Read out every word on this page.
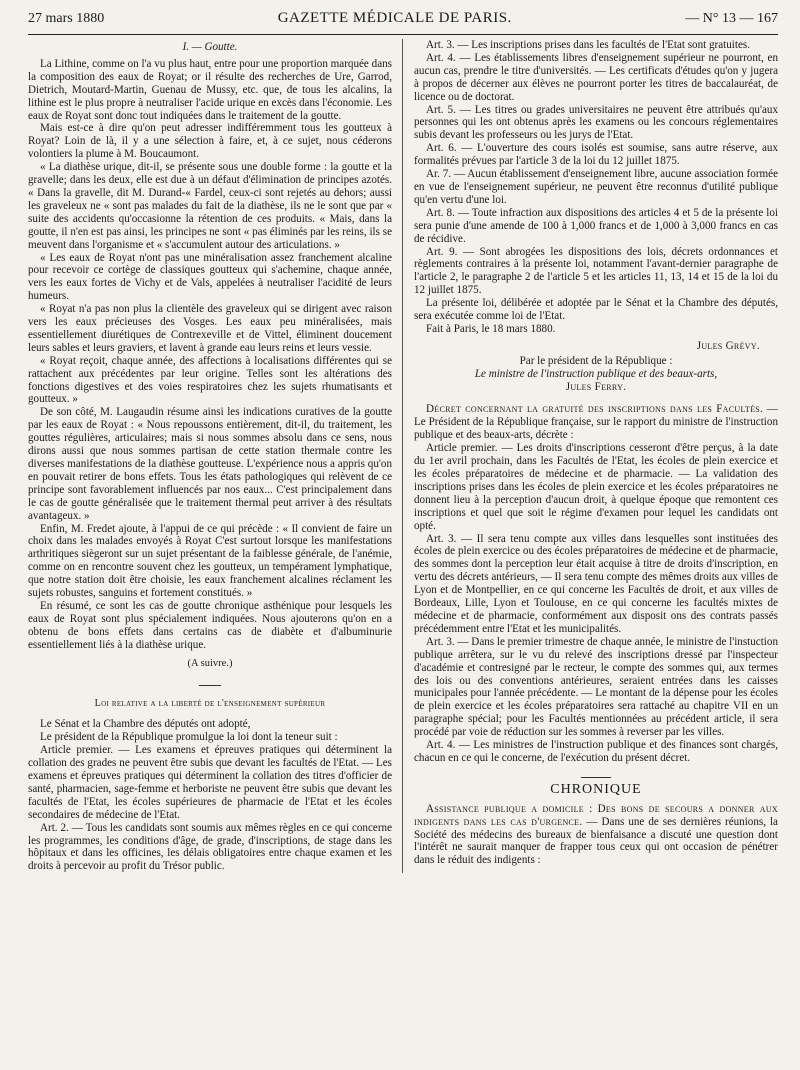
27 mars 1880	GAZETTE MÉDICALE DE PARIS.	— N° 13 — 167

I. — Goutte.

La Lithine, comme on l'a vu plus haut, entre pour une proportion marquée dans la composition des eaux de Royat; or il résulte des recherches de Ure, Garrod, Dietrich, Moutard-Martin, Guenau de Mussy, etc. que, de tous les alcalins, la lithine est le plus propre à neutraliser l'acide urique en excès dans l'économie. Les eaux de Royat sont donc tout indiquées dans le traitement de la goutte.

Mais est-ce à dire qu'on peut adresser indifféremment tous les goutteux à Royat? Loin de là, il y a une sélection à faire, et, à ce sujet, nous céderons volontiers la plume à M. Boucaumont.

« La diathèse urique, dit-il, se présente sous une double forme : la goutte et la gravelle; dans les deux, elle est due à un défaut d'élimination de principes azotés. « Dans la gravelle, dit M. Durand-« Fardel, ceux-ci sont rejetés au dehors; aussi les graveleux ne « sont pas malades du fait de la diathèse, ils ne le sont que par « suite des accidents qu'occasionne la rétention de ces produits. « Mais, dans la goutte, il n'en est pas ainsi, les principes ne sont « pas éliminés par les reins, ils se meuvent dans l'organisme et « s'accumulent autour des articulations. »

« Les eaux de Royat n'ont pas une minéralisation assez franchement alcaline pour recevoir ce cortège de classiques goutteux qui s'achemine, chaque année, vers les eaux fortes de Vichy et de Vals, appelées à neutraliser l'acidité de leurs humeurs.

« Royat n'a pas non plus la clientèle des graveleux qui se dirigent avec raison vers les eaux précieuses des Vosges. Les eaux peu minéralisées, mais essentiellement diurétiques de Contrexeville et de Vittel, éliminent doucement leurs sables et leurs graviers, et lavent à grande eau leurs reins et leurs vessie.

« Royat reçoit, chaque année, des affections à localisations différentes qui se rattachent aux précédentes par leur origine. Telles sont les altérations des fonctions digestives et des voies respiratoires chez les sujets rhumatisants et goutteux. »

De son côté, M. Laugaudin résume ainsi les indications curatives de la goutte par les eaux de Royat : « Nous repoussons entièrement, dit-il, du traitement, les gouttes régulières, articulaires; mais si nous sommes absolu dans ce sens, nous dirons aussi que nous sommes partisan de cette station thermale contre les diverses manifestations de la diathèse goutteuse. L'expérience nous a appris qu'on en pouvait retirer de bons effets. Tous les états pathologiques qui relèvent de ce principe sont favorablement influencés par nos eaux... C'est principalement dans le cas de goutte généralisée que le traitement thermal peut arriver à des résultats avantageux. »

Enfin, M. Fredet ajoute, à l'appui de ce qui précède : « Il convient de faire un choix dans les malades envoyés à Royat C'est surtout lorsque les manifestations arthritiques siègeront sur un sujet présentant de la faiblesse générale, de l'anémie, comme on en rencontre souvent chez les goutteux, un tempérament lymphatique, que notre station doit être choisie, les eaux franchement alcalines réclament les sujets robustes, sanguins et fortement constitués. »

En résumé, ce sont les cas de goutte chronique asthénique pour lesquels les eaux de Royat sont plus spécialement indiquées. Nous ajouterons qu'on en a obtenu de bons effets dans certains cas de diabète et d'albuminurie essentiellement liés à la diathèse urique.

(A suivre.)

Loi relative a la liberté de l'enseignement supérieur

Le Sénat et la Chambre des députés ont adopté,

Le président de la République promulgue la loi dont la teneur suit :

Article premier. — Les examens et épreuves pratiques qui déterminent la collation des grades ne peuvent être subis que devant les facultés de l'Etat. — Les examens et épreuves pratiques qui déterminent la collation des titres d'officier de santé, pharmacien, sage-femme et herboriste ne peuvent être subis que devant les facultés de l'Etat, les écoles supérieures de pharmacie de l'Etat et les écoles secondaires de médecine de l'Etat.

Art. 2. — Tous les candidats sont soumis aux mêmes règles en ce qui concerne les programmes, les conditions d'âge, de grade, d'inscriptions, de stage dans les hôpitaux et dans les officines, les délais obligatoires entre chaque examen et les droits à percevoir au profit du Trésor public.

Art. 3. — Les inscriptions prises dans les facultés de l'Etat sont gratuites.

Art. 4. — Les établissements libres d'enseignement supérieur ne pourront, en aucun cas, prendre le titre d'universités. — Les certificats d'études qu'on y jugera à propos de décerner aux élèves ne pourront porter les titres de baccalauréat, de licence ou de doctorat.

Art. 5. — Les titres ou grades universitaires ne peuvent être attribués qu'aux personnes qui les ont obtenus après les examens ou les concours réglementaires subis devant les professeurs ou les jurys de l'Etat.

Art. 6. — L'ouverture des cours isolés est soumise, sans autre réserve, aux formalités prévues par l'article 3 de la loi du 12 juillet 1875.

Ar. 7. — Aucun établissement d'enseignement libre, aucune association formée en vue de l'enseignement supérieur, ne peuvent être reconnus d'utilité publique qu'en vertu d'une loi.

Art. 8. — Toute infraction aux dispositions des articles 4 et 5 de la présente loi sera punie d'une amende de 100 à 1,000 francs et de 1,000 à 3,000 francs en cas de récidive.

Art. 9. — Sont abrogées les dispositions des lois, décrets ordonnances et règlements contraires à la présente loi, notamment l'avant-dernier paragraphe de l'article 2, le paragraphe 2 de l'article 5 et les articles 11, 13, 14 et 15 de la loi du 12 juillet 1875.

La présente loi, délibérée et adoptée par le Sénat et la Chambre des députés, sera exécutée comme loi de l'Etat.

Fait à Paris, le 18 mars 1880.

Jules Grévy.

Par le président de la République :

Le ministre de l'instruction publique et des beaux-arts,

Jules Ferry.

Décret concernant la gratuité des inscriptions dans les Facultés. — Le Président de la République française, sur le rapport du ministre de l'instruction publique et des beaux-arts, décrète :

Article premier. — Les droits d'inscriptions cesseront d'être perçus, à la date du 1er avril prochain, dans les Facultés de l'Etat, les écoles de plein exercice et les écoles préparatoires de médecine et de pharmacie. — La validation des inscriptions prises dans les écoles de plein exercice et les écoles préparatoires ne donnent lieu à la perception d'aucun droit, à quelque époque que remontent ces inscriptions et quel que soit le régime d'examen pour lequel les candidats ont opté.

Art. 3. — Il sera tenu compte aux villes dans lesquelles sont instituées des écoles de plein exercice ou des écoles préparatoires de médecine et de pharmacie, des sommes dont la perception leur était acquise à titre de droits d'inscription, en vertu des décrets antérieurs, — Il sera tenu compte des mêmes droits aux villes de Lyon et de Montpellier, en ce qui concerne les Facultés de droit, et aux villes de Bordeaux, Lille, Lyon et Toulouse, en ce qui concerne les facultés mixtes de médecine et de pharmacie, conformément aux disposit ons des contrats passés précédemment entre l'Etat et les municipalités.

Art. 3. — Dans le premier trimestre de chaque année, le ministre de l'instuction publique arrêtera, sur le vu du relevé des inscriptions dressé par l'inspecteur d'académie et contresigné par le recteur, le compte des sommes qui, aux termes des lois ou des conventions antérieures, seraient entrées dans les caisses municipales pour l'année précédente. — Le montant de la dépense pour les écoles de plein exercice et les écoles préparatoires sera rattaché au chapitre VII en un paragraphe spécial; pour les Facultés mentionnées au précédent article, il sera procédé par voie de réduction sur les sommes à reverser par les villes.

Art. 4. — Les ministres de l'instruction publique et des finances sont chargés, chacun en ce qui le concerne, de l'exécution du présent décret.

CHRONIQUE

Assistance publique a domicile : Des bons de secours a donner aux indigents dans les cas d'urgence. — Dans une de ses dernières réunions, la Société des médecins des bureaux de bienfaisance a discuté une question dont l'intérêt ne saurait manquer de frapper tous ceux qui ont occasion de pénétrer dans le réduit des indigents :
